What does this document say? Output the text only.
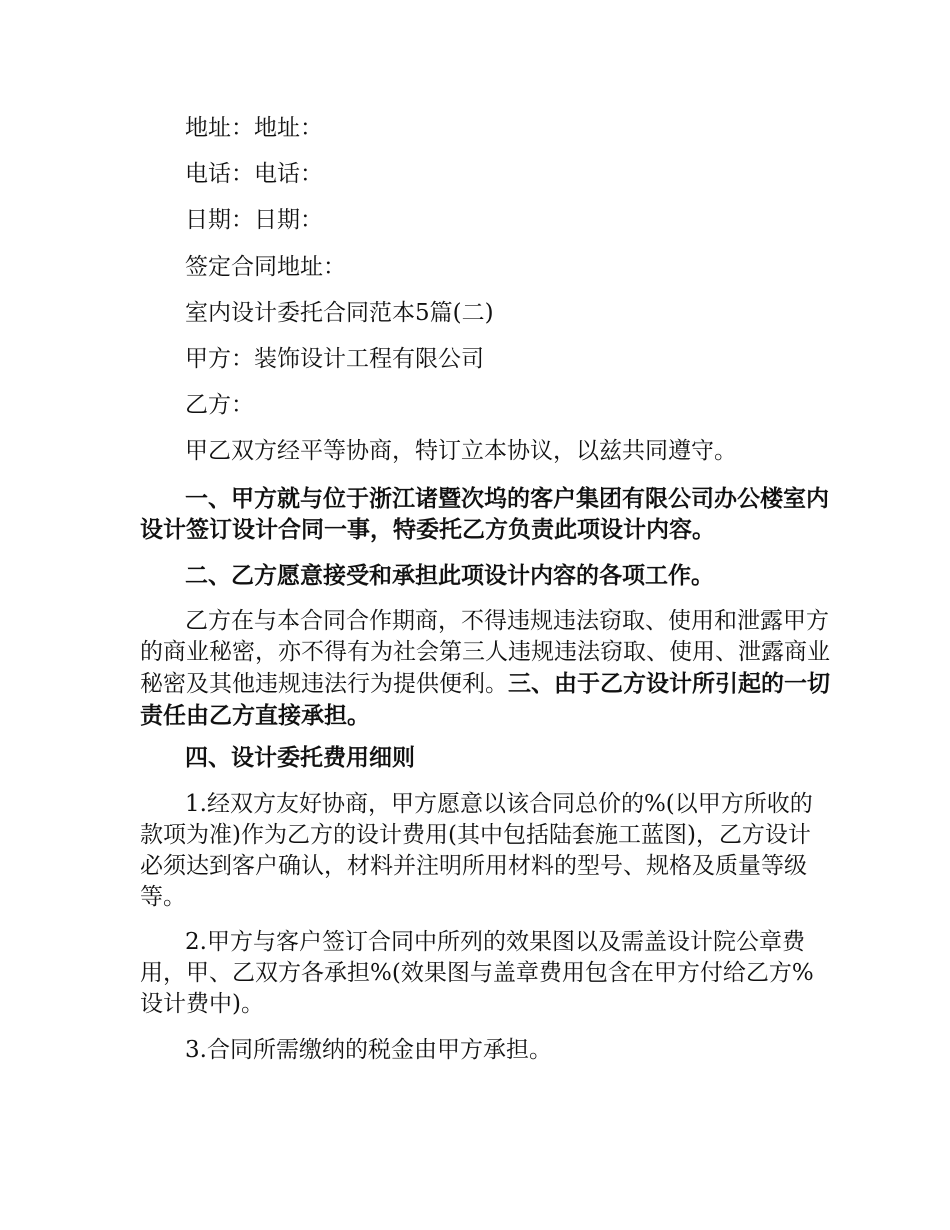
地址：地址：
电话：电话：
日期：日期：
签定合同地址：
室内设计委托合同范本5篇(二)
甲方：装饰设计工程有限公司
乙方：
甲乙双方经平等协商，特订立本协议，以兹共同遵守。

一、甲方就与位于浙江诸暨次坞的客户集团有限公司办公楼室内设计签订设计合同一事，特委托乙方负责此项设计内容。

二、乙方愿意接受和承担此项设计内容的各项工作。

乙方在与本合同合作期商，不得违规违法窃取、使用和泄露甲方的商业秘密，亦不得有为社会第三人违规违法窃取、使用、泄露商业秘密及其他违规违法行为提供便利。三、由于乙方设计所引起的一切责任由乙方直接承担。

四、设计委托费用细则

1.经双方友好协商，甲方愿意以该合同总价的%(以甲方所收的款项为准)作为乙方的设计费用(其中包括陆套施工蓝图)，乙方设计必须达到客户确认，材料并注明所用材料的型号、规格及质量等级等。

2.甲方与客户签订合同中所列的效果图以及需盖设计院公章费用，甲、乙双方各承担%(效果图与盖章费用包含在甲方付给乙方%设计费中)。

3.合同所需缴纳的税金由甲方承担。
